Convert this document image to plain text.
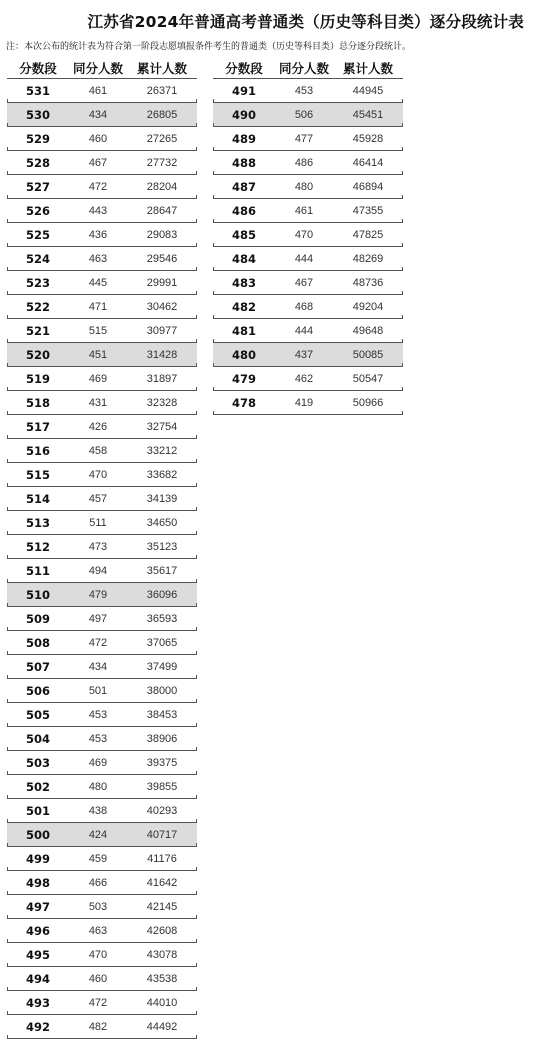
江苏省2024年普通高考普通类（历史等科目类）逐分段统计表
注：本次公布的统计表为符合第一阶段志愿填报条件考生的普通类（历史等科目类）总分逐分段统计。
分数段	同分人数	累计人数
531	461	26371
530	434	26805
529	460	27265
528	467	27732
527	472	28204
526	443	28647
525	436	29083
524	463	29546
523	445	29991
522	471	30462
521	515	30977
520	451	31428
519	469	31897
518	431	32328
517	426	32754
516	458	33212
515	470	33682
514	457	34139
513	511	34650
512	473	35123
511	494	35617
510	479	36096
509	497	36593
508	472	37065
507	434	37499
506	501	38000
505	453	38453
504	453	38906
503	469	39375
502	480	39855
501	438	40293
500	424	40717
499	459	41176
498	466	41642
497	503	42145
496	463	42608
495	470	43078
494	460	43538
493	472	44010
492	482	44492
分数段	同分人数	累计人数
491	453	44945
490	506	45451
489	477	45928
488	486	46414
487	480	46894
486	461	47355
485	470	47825
484	444	48269
483	467	48736
482	468	49204
481	444	49648
480	437	50085
479	462	50547
478	419	50966
